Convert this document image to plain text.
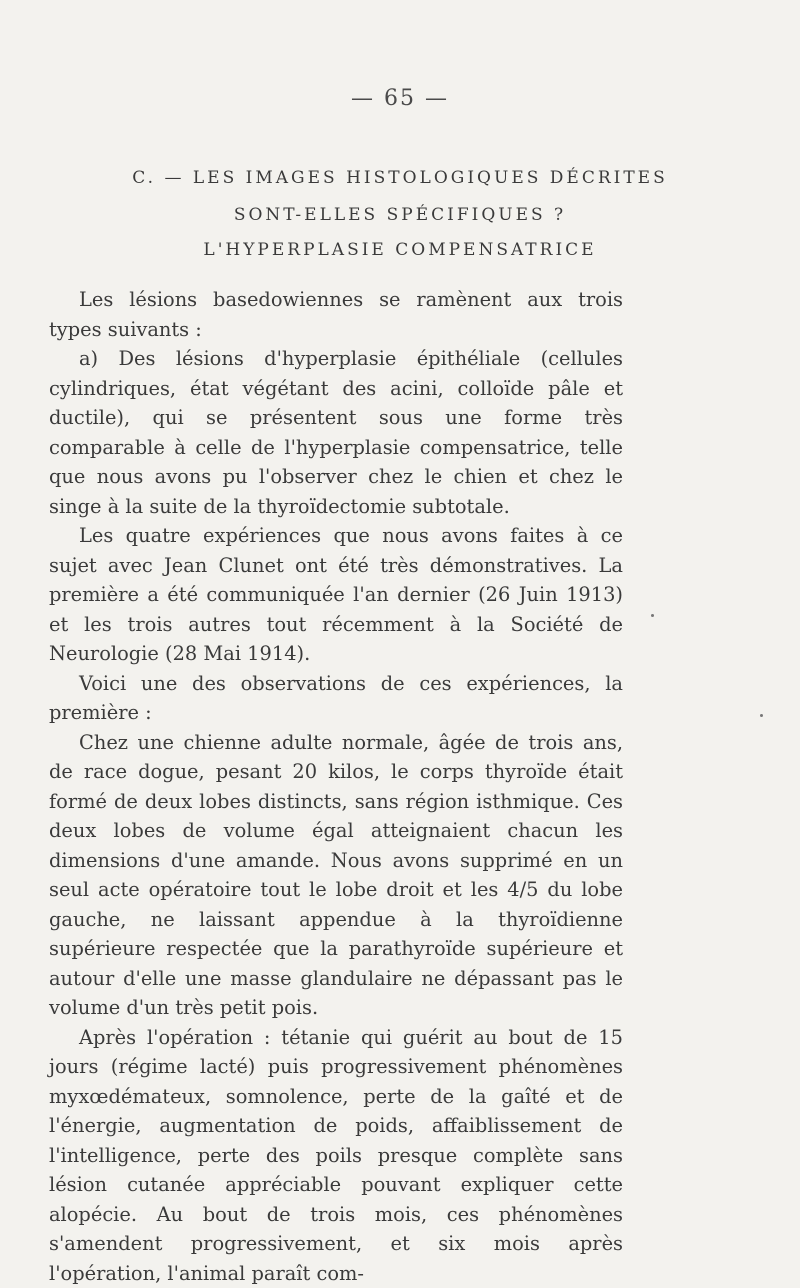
— 65 —
C. — LES IMAGES HISTOLOGIQUES DÉCRITES
SONT-ELLES SPÉCIFIQUES ?
L'HYPERPLASIE COMPENSATRICE

Les lésions basedowiennes se ramènent aux trois types suivants :

a) Des lésions d'hyperplasie épithéliale (cellules cylindriques, état végétant des acini, colloïde pâle et ductile), qui se présentent sous une forme très comparable à celle de l'hyperplasie compensatrice, telle que nous avons pu l'observer chez le chien et chez le singe à la suite de la thyroïdectomie subtotale.

Les quatre expériences que nous avons faites à ce sujet avec Jean Clunet ont été très démonstratives. La première a été communiquée l'an dernier (26 Juin 1913) et les trois autres tout récemment à la Société de Neurologie (28 Mai 1914).

Voici une des observations de ces expériences, la première :

Chez une chienne adulte normale, âgée de trois ans, de race dogue, pesant 20 kilos, le corps thyroïde était formé de deux lobes distincts, sans région isthmique. Ces deux lobes de volume égal atteignaient chacun les dimensions d'une amande. Nous avons supprimé en un seul acte opératoire tout le lobe droit et les 4/5 du lobe gauche, ne laissant appendue à la thyroïdienne supérieure respectée que la parathyroïde supérieure et autour d'elle une masse glandulaire ne dépassant pas le volume d'un très petit pois.

Après l'opération : tétanie qui guérit au bout de 15 jours (régime lacté) puis progressivement phénomènes myxœdémateux, somnolence, perte de la gaîté et de l'énergie, augmentation de poids, affaiblissement de l'intelligence, perte des poils presque complète sans lésion cutanée appréciable pouvant expliquer cette alopécie. Au bout de trois mois, ces phénomènes s'amendent progressivement, et six mois après l'opération, l'animal paraît com-
